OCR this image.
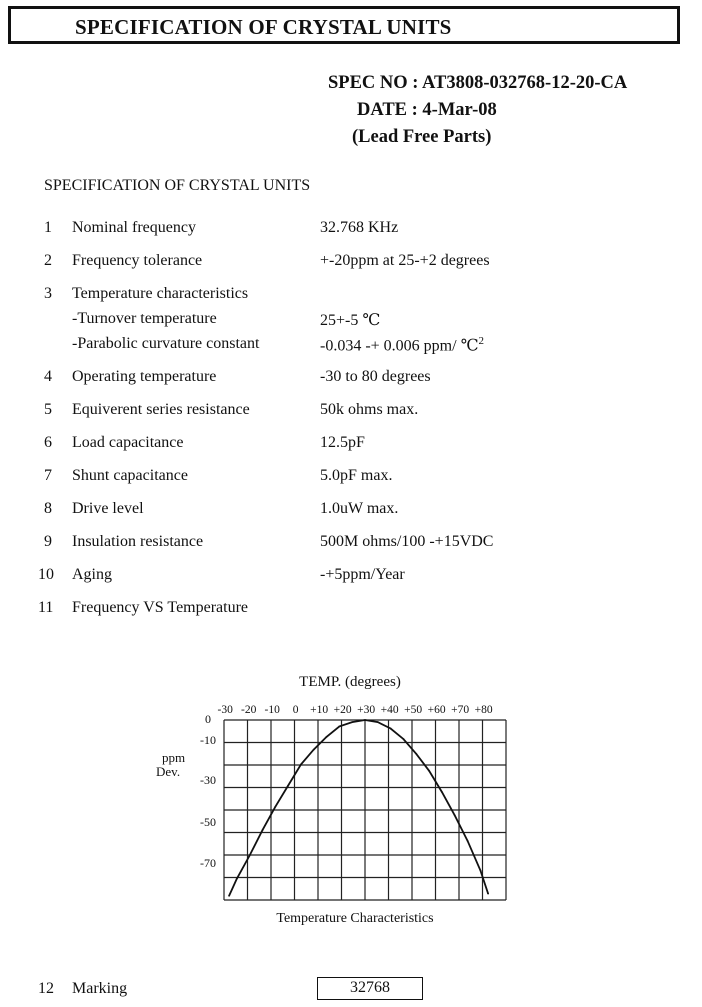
SPECIFICATION OF CRYSTAL UNITS
SPEC NO : AT3808-032768-12-20-CA
DATE : 4-Mar-08
(Lead Free Parts)
SPECIFICATION OF CRYSTAL UNITS
1 Nominal frequency	32.768 KHz
2 Frequency tolerance	+-20ppm at 25-+2 degrees
3 Temperature characteristics
-Turnover temperature	25+-5 ℃
-Parabolic curvature constant	-0.034 -+ 0.006 ppm/ ℃$^2$
4 Operating temperature	-30 to 80 degrees
5 Equiverent series resistance	50k ohms max.
6 Load capacitance	12.5pF
7 Shunt capacitance	5.0pF max.
8 Drive level	1.0uW max.
9 Insulation resistance	500M ohms/100 -+15VDC
10 Aging	-+5ppm/Year
11 Frequency VS Temperature
TEMP. (degrees)
-30 -20 -10 0 +10 +20 +30 +40 +50 +60 +70 +80
0
-10
-30
-50
-70
ppm
Dev.
Temperature Characteristics
12 Marking	32768
